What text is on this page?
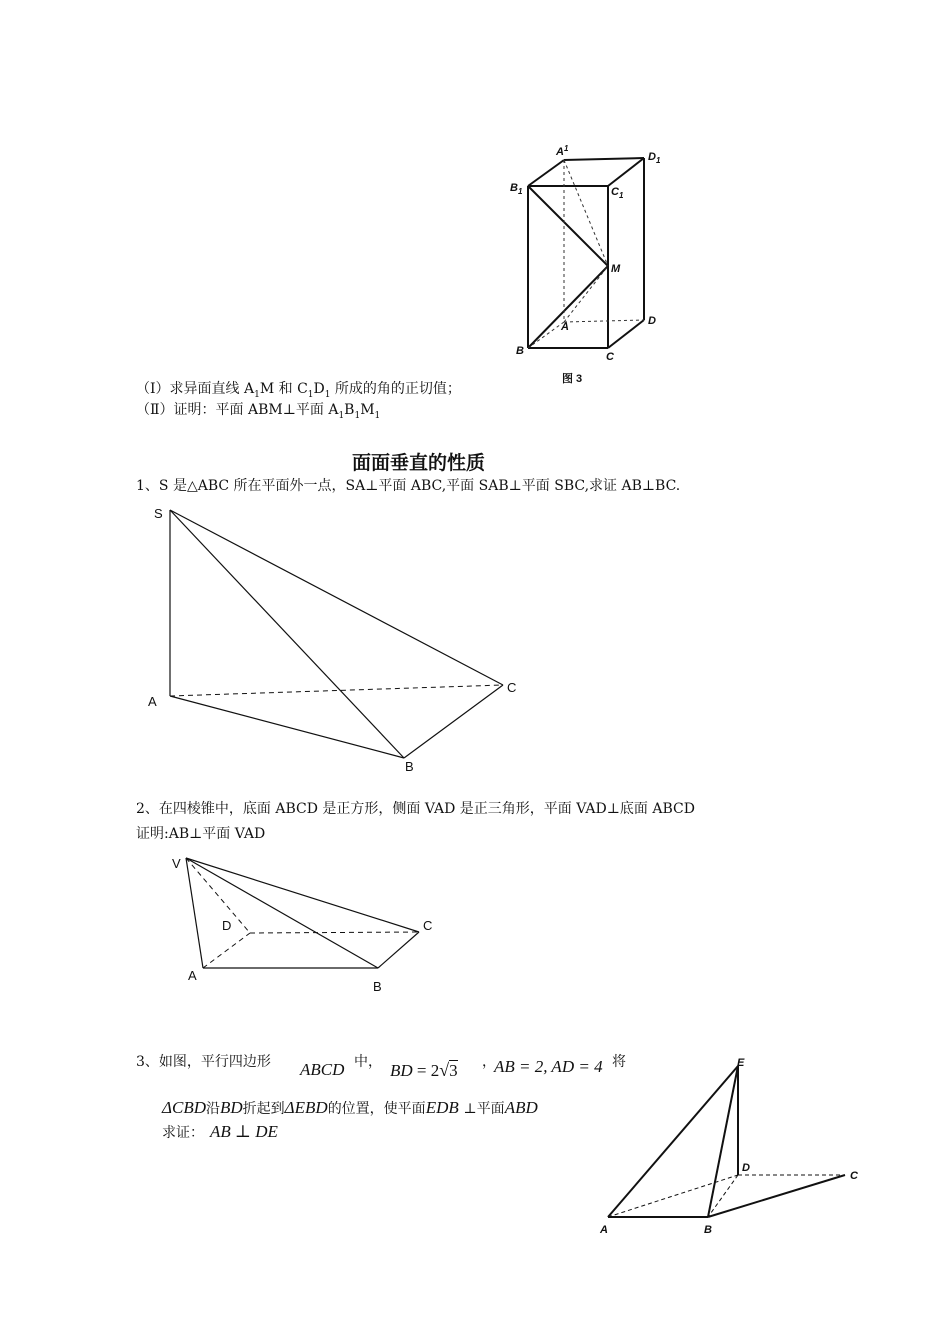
$A^1$
$D_1$
$B_1$	$C_1$
M
A	D
B	C
图 3
（Ⅰ）求异面直线 $A_1M$ 和 $C_1D_1$ 所成的角的正切值；
（Ⅱ）证明：平面 ABM⊥平面 $A_1B_1M_1$
面面垂直的性质
1、S 是△ABC 所在平面外一点，SA⊥平面 ABC,平面 SAB⊥平面 SBC,求证 AB⊥BC.
S
A
B
C
2、在四棱锥中，底面 ABCD 是正方形，侧面 VAD 是正三角形，平面 VAD⊥底面 ABCD
证明:AB⊥平面 VAD
V
D
A
B
C
3、如图，平行四边形 ABCD 中， BD = 2√3 ，
AB = 2, AD = 4 将
ΔCBD沿BD折起到ΔEBD的位置，使平面EDB ⊥平面ABD
求证： AB ⊥ DE
E
D
C
A	B
